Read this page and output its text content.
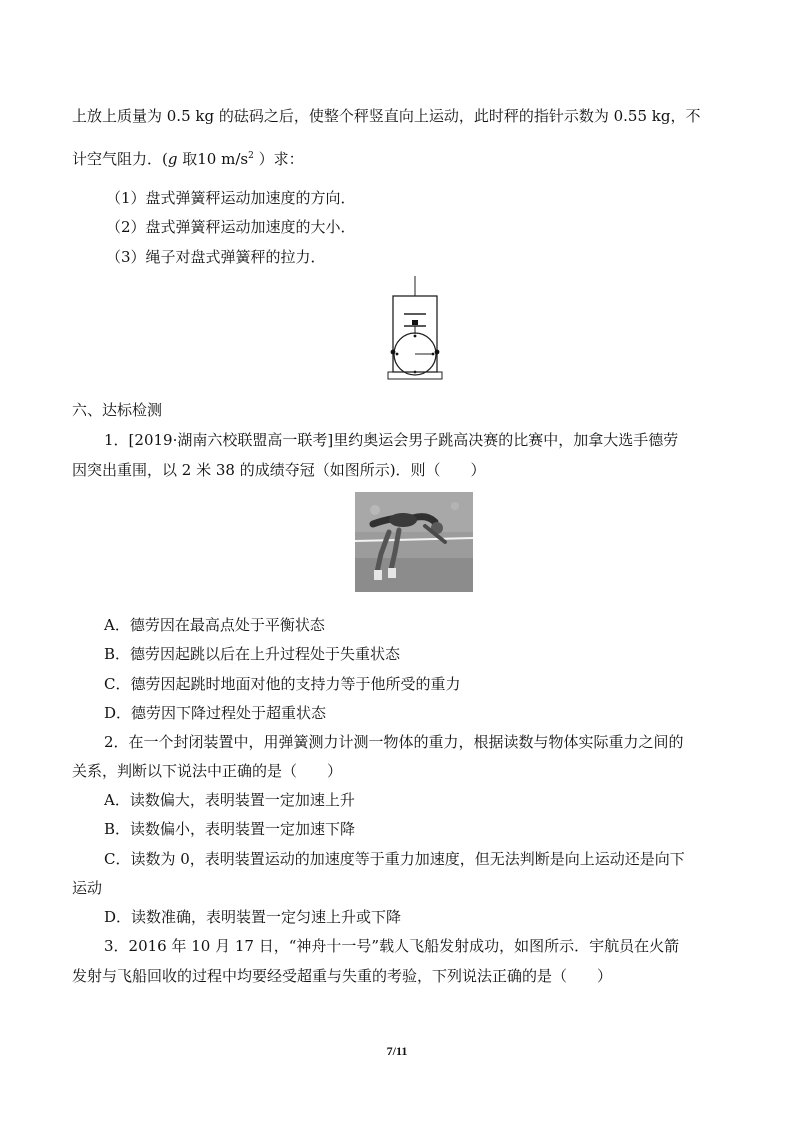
上放上质量为 0.5 kg 的砝码之后，使整个秤竖直向上运动，此时秤的指针示数为 0.55 kg，不
计空气阻力．(g 取10 $m/s^2$ ）求：
（1）盘式弹簧秤运动加速度的方向．
（2）盘式弹簧秤运动加速度的大小．
（3）绳子对盘式弹簧秤的拉力．
六、达标检测
1．[2019·湖南六校联盟高一联考]里约奥运会男子跳高决赛的比赛中，加拿大选手德劳
因突出重围，以 2 米 38 的成绩夺冠（如图所示)．则（　　）
A．德劳因在最高点处于平衡状态
B．德劳因起跳以后在上升过程处于失重状态
C．德劳因起跳时地面对他的支持力等于他所受的重力
D．德劳因下降过程处于超重状态
2．在一个封闭装置中，用弹簧测力计测一物体的重力，根据读数与物体实际重力之间的
关系，判断以下说法中正确的是（　　）
A．读数偏大，表明装置一定加速上升
B．读数偏小，表明装置一定加速下降
C．读数为 0，表明装置运动的加速度等于重力加速度，但无法判断是向上运动还是向下
运动
D．读数准确，表明装置一定匀速上升或下降
3．2016 年 10 月 17 日，“神舟十一号”载人飞船发射成功，如图所示．宇航员在火箭
发射与飞船回收的过程中均要经受超重与失重的考验，下列说法正确的是（　　）
7/11
